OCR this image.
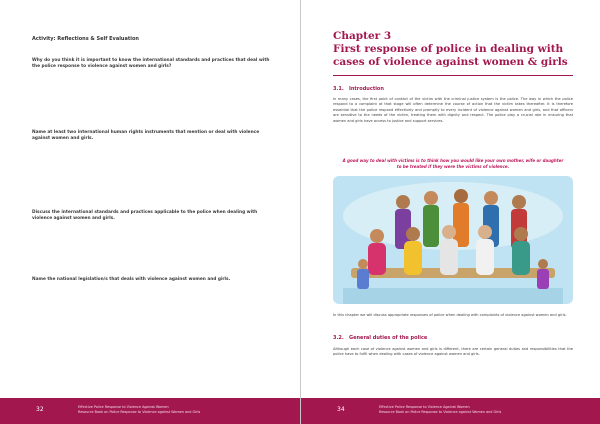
Activity: Reflections & Self Evaluation
Why do you think it is important to know the international standards and practices that deal with the police response to violence against women and girls?
Name at least two international human rights instruments that mention or deal with violence against women and girls.
Discuss the international standards and practices applicable to the police when dealing with violence against women and girls.
Name the national legislation/s that deals with violence against women and girls.
32	Effective Police Response to Violence Against Women
Resource Book on Police Response to Violence against Women and Girls
Chapter 3
First response of police in dealing with cases of violence against women & girls
3.1. Introduction
In many cases, the first point of contact of the victim with the criminal justice system is the police. The way in which the police respond to a complaint at that stage will often determine the course of action that the victim takes thereafter. It is therefore essential that the police respond effectively and promptly to every incident of violence against women and girls, and that officers are sensitive to the needs of the victim, treating them with dignity and respect. The police play a crucial role in ensuring that women and girls have access to justice and support services.
A good way to deal with victims is to think how you would like your own mother, wife or daughter to be treated if they were the victims of violence.
In this chapter we will discuss appropriate responses of police when dealing with complaints of violence against women and girls.
3.2. General duties of the police
Although each case of violence against women and girls is different, there are certain general duties and responsibilities that the police have to fulfil when dealing with cases of violence against women and girls.
34	Effective Police Response to Violence Against Women
Resource Book on Police Response to Violence against Women and Girls
